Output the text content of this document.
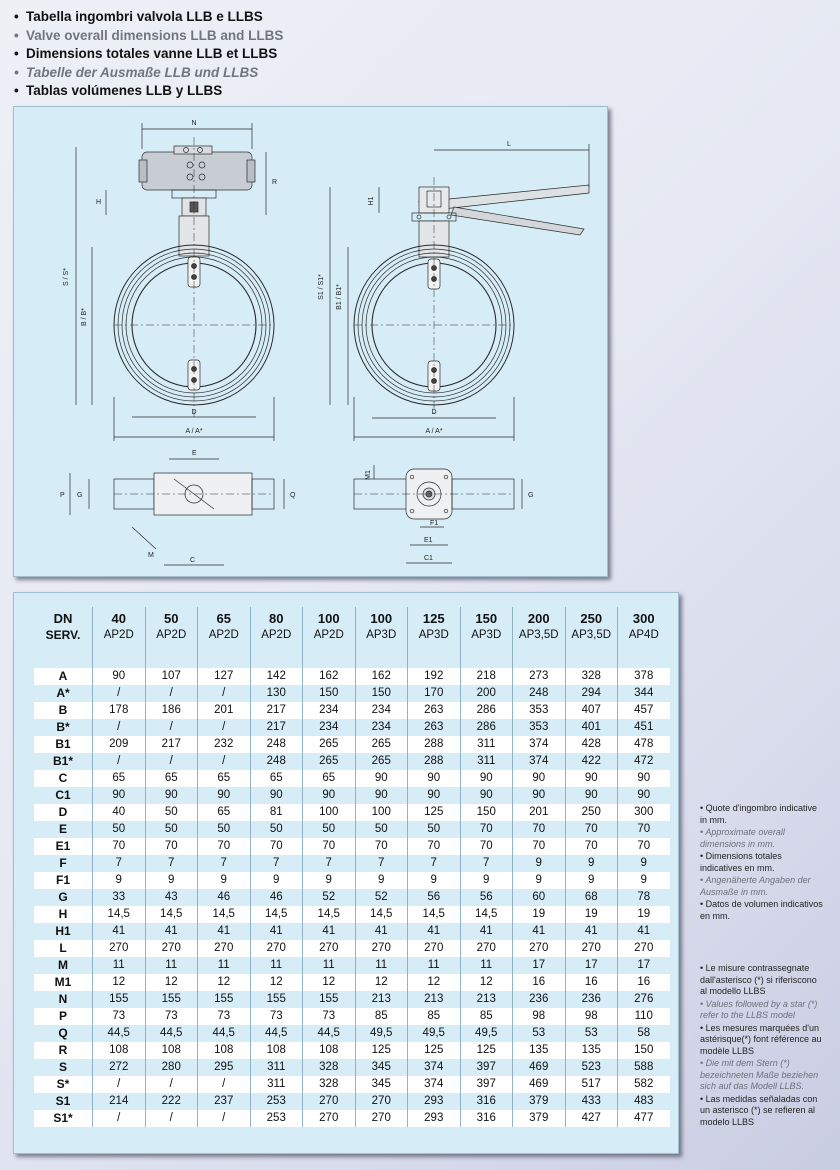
• Tabella ingombri valvola LLB e LLBS
• Valve overall dimensions LLB and LLBS
• Dimensions totales vanne LLB et LLBS
• Tabelle der Ausmaße LLB und LLBS
• Tablas volúmenes LLB y LLBS
N
R
H
S / S*
B / B*
D
A / A*
L
H1
S1 / S1* B1 / B1*
D
A / A*
E
P G	Q
M
C
M1
G
F1
E1
C1
DN	40	50	65	80	100	100	125	150	200	250	300
SERV.	AP2D	AP2D	AP2D	AP2D	AP2D	AP3D	AP3D	AP3D	AP3,5D	AP3,5D	AP4D

A	90	107	127	142	162	162	192	218	273	328	378
A*	/	/	/	130	150	150	170	200	248	294	344
B	178	186	201	217	234	234	263	286	353	407	457
B*	/	/	/	217	234	234	263	286	353	401	451
B1	209	217	232	248	265	265	288	311	374	428	478
B1*	/	/	/	248	265	265	288	311	374	422	472
C	65	65	65	65	65	90	90	90	90	90	90
C1	90	90	90	90	90	90	90	90	90	90	90
D	40	50	65	81	100	100	125	150	201	250	300
E	50	50	50	50	50	50	50	70	70	70	70
E1	70	70	70	70	70	70	70	70	70	70	70
F	7	7	7	7	7	7	7	7	9	9	9
F1	9	9	9	9	9	9	9	9	9	9	9
G	33	43	46	46	52	52	56	56	60	68	78
H	14,5	14,5	14,5	14,5	14,5	14,5	14,5	14,5	19	19	19
H1	41	41	41	41	41	41	41	41	41	41	41
L	270	270	270	270	270	270	270	270	270	270	270
M	11	11	11	11	11	11	11	11	17	17	17
M1	12	12	12	12	12	12	12	12	16	16	16
N	155	155	155	155	155	213	213	213	236	236	276
P	73	73	73	73	73	85	85	85	98	98	110
Q	44,5	44,5	44,5	44,5	44,5	49,5	49,5	49,5	53	53	58
R	108	108	108	108	108	125	125	125	135	135	150
S	272	280	295	311	328	345	374	397	469	523	588
S*	/	/	/	311	328	345	374	397	469	517	582
S1	214	222	237	253	270	270	293	316	379	433	483
S1*	/	/	/	253	270	270	293	316	379	427	477
• Quote d'ingombro indicative in mm.
• Approximate overall dimensions in mm.
• Dimensions totales indicatives en mm.
• Angenäherte Angaben der Ausmaße in mm.
• Datos de volumen indicativos en mm.
• Le misure contrassegnate dall'asterisco (*) si riferiscono al modello LLBS
• Values followed by a star (*) refer to the LLBS model
• Les mesures marquées d'un astérisque(*) font référence au modèle LLBS
• Die mit dem Stern (*) bezeichneten Maße beziehen sich auf das Modell LLBS.
• Las medidas señaladas con un asterisco (*) se refieren al modelo LLBS
